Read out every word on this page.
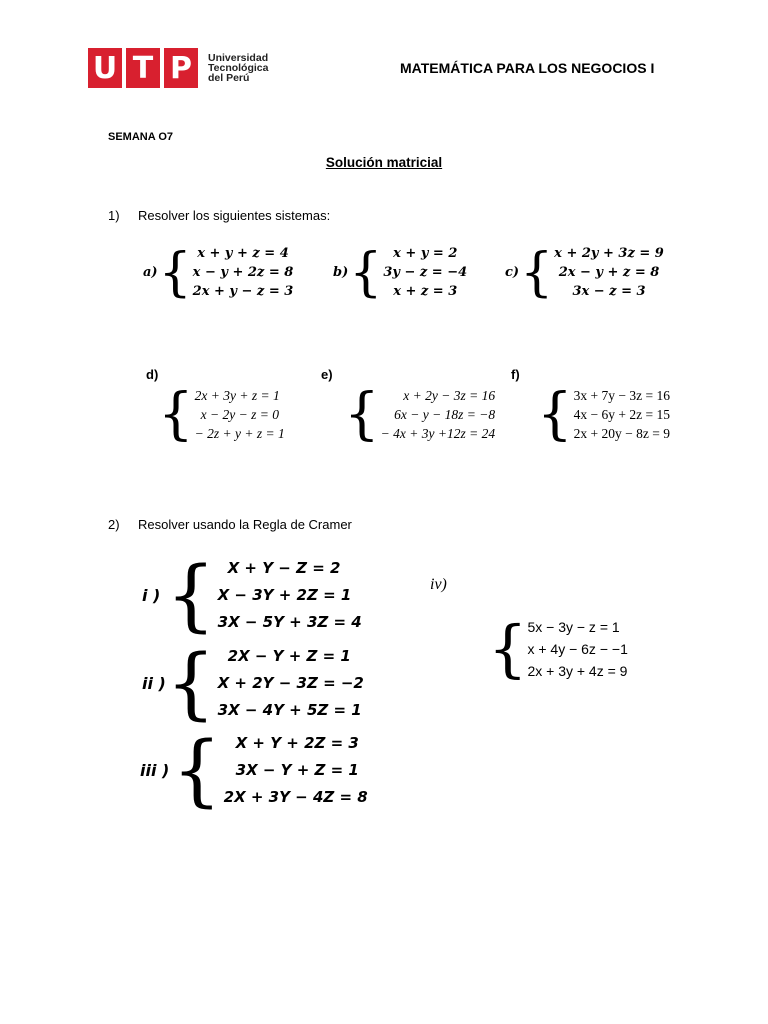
U T P	Universidad
Tecnológica
del Perú
MATEMÁTICA PARA LOS NEGOCIOS I
SEMANA O7
Solución matricial
1) Resolver los siguientes sistemas:
a) { x + y + z = 4
x − y + 2z = 8
2x + y − z = 3
b) { x + y = 2
3y − z = −4
x + z = 3
c) { x + 2y + 3z = 9
2x − y + z = 8
3x − z = 3
d)
{ 2x + 3y + z = 1
x − 2y − z = 0
− 2z + y + z = 1
e)
{ x + 2y − 3z = 16
6x − y − 18z = −8
− 4x + 3y +12z = 24
f)
{ 3x + 7y − 3z = 16
4x − 6y + 2z = 15
2x + 20y − 8z = 9
2) Resolver usando la Regla de Cramer
i ) { X + Y − Z = 2
X − 3Y + 2Z = 1
3X − 5Y + 3Z = 4
ii ) { 2X − Y + Z = 1
X + 2Y − 3Z = −2
3X − 4Y + 5Z = 1
iii ) { X + Y + 2Z = 3
3X − Y + Z = 1
2X + 3Y − 4Z = 8
iv)
{ 5x − 3y − z = 1
x + 4y − 6z − −1
2x + 3y + 4z = 9
